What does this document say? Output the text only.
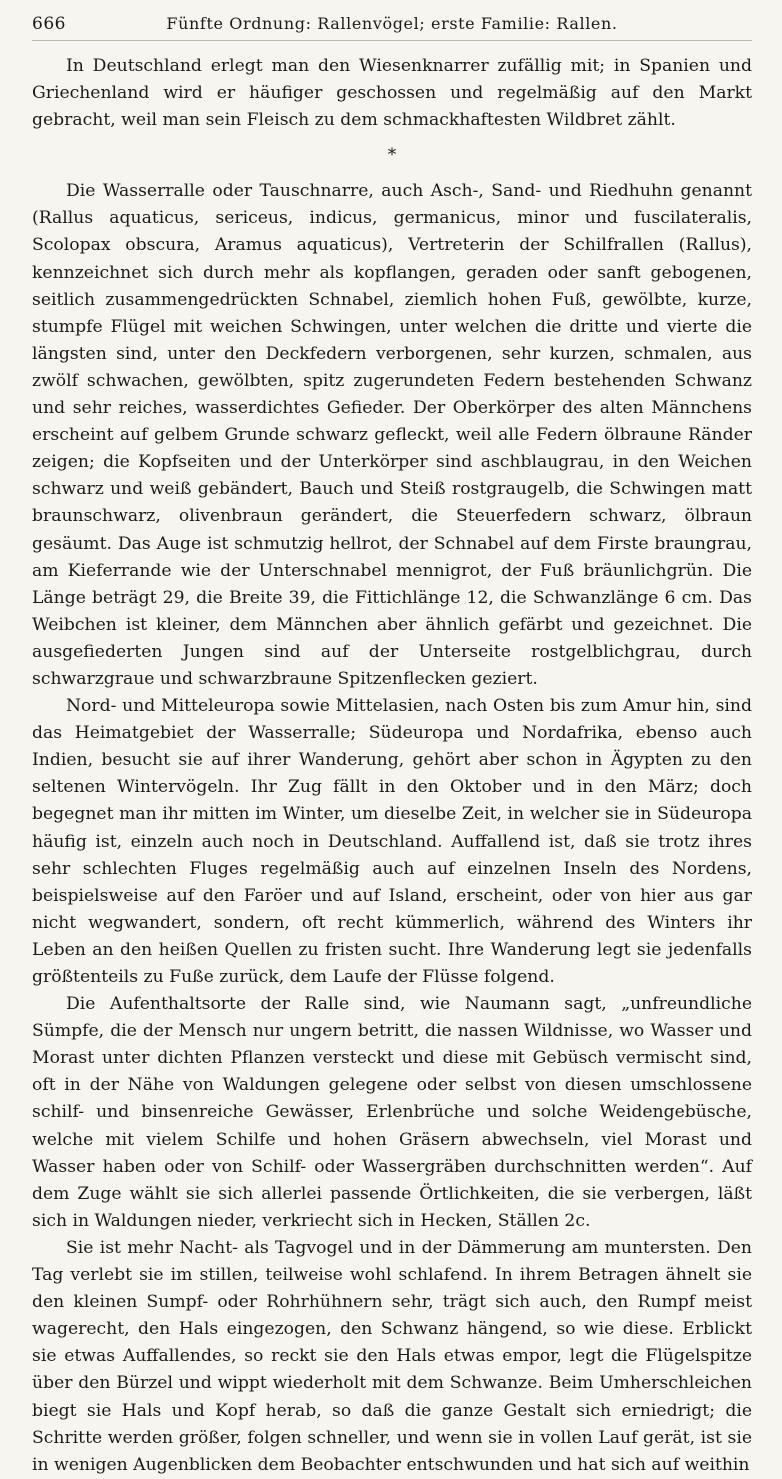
666	Fünfte Ordnung: Rallenvögel; erste Familie: Rallen.

In Deutschland erlegt man den Wiesenknarrer zufällig mit; in Spanien und Griechenland wird er häufiger geschossen und regelmäßig auf den Markt gebracht, weil man sein Fleisch zu dem schmackhaftesten Wildbret zählt.

*

Die Wasserralle oder Tauschnarre, auch Asch-, Sand- und Riedhuhn genannt (Rallus aquaticus, sericeus, indicus, germanicus, minor und fuscilateralis, Scolopax obscura, Aramus aquaticus), Vertreterin der Schilfrallen (Rallus), kennzeichnet sich durch mehr als kopflangen, geraden oder sanft gebogenen, seitlich zusammengedrückten Schnabel, ziemlich hohen Fuß, gewölbte, kurze, stumpfe Flügel mit weichen Schwingen, unter welchen die dritte und vierte die längsten sind, unter den Deckfedern verborgenen, sehr kurzen, schmalen, aus zwölf schwachen, gewölbten, spitz zugerundeten Federn bestehenden Schwanz und sehr reiches, wasserdichtes Gefieder. Der Oberkörper des alten Männchens erscheint auf gelbem Grunde schwarz gefleckt, weil alle Federn ölbraune Ränder zeigen; die Kopfseiten und der Unterkörper sind aschblaugrau, in den Weichen schwarz und weiß gebändert, Bauch und Steiß rostgraugelb, die Schwingen matt braunschwarz, olivenbraun gerändert, die Steuerfedern schwarz, ölbraun gesäumt. Das Auge ist schmutzig hellrot, der Schnabel auf dem Firste braungrau, am Kieferrande wie der Unterschnabel mennigrot, der Fuß bräunlichgrün. Die Länge beträgt 29, die Breite 39, die Fittichlänge 12, die Schwanzlänge 6 cm. Das Weibchen ist kleiner, dem Männchen aber ähnlich gefärbt und gezeichnet. Die ausgefiederten Jungen sind auf der Unterseite rostgelblichgrau, durch schwarzgraue und schwarzbraune Spitzenflecken geziert.

Nord- und Mitteleuropa sowie Mittelasien, nach Osten bis zum Amur hin, sind das Heimatgebiet der Wasserralle; Südeuropa und Nordafrika, ebenso auch Indien, besucht sie auf ihrer Wanderung, gehört aber schon in Ägypten zu den seltenen Wintervögeln. Ihr Zug fällt in den Oktober und in den März; doch begegnet man ihr mitten im Winter, um dieselbe Zeit, in welcher sie in Südeuropa häufig ist, einzeln auch noch in Deutschland. Auffallend ist, daß sie trotz ihres sehr schlechten Fluges regelmäßig auch auf einzelnen Inseln des Nordens, beispielsweise auf den Faröer und auf Island, erscheint, oder von hier aus gar nicht wegwandert, sondern, oft recht kümmerlich, während des Winters ihr Leben an den heißen Quellen zu fristen sucht. Ihre Wanderung legt sie jedenfalls größtenteils zu Fuße zurück, dem Laufe der Flüsse folgend.

Die Aufenthaltsorte der Ralle sind, wie Naumann sagt, „unfreundliche Sümpfe, die der Mensch nur ungern betritt, die nassen Wildnisse, wo Wasser und Morast unter dichten Pflanzen versteckt und diese mit Gebüsch vermischt sind, oft in der Nähe von Waldungen gelegene oder selbst von diesen umschlossene schilf- und binsenreiche Gewässer, Erlenbrüche und solche Weidengebüsche, welche mit vielem Schilfe und hohen Gräsern abwechseln, viel Morast und Wasser haben oder von Schilf- oder Wassergräben durchschnitten werden“. Auf dem Zuge wählt sie sich allerlei passende Örtlichkeiten, die sie verbergen, läßt sich in Waldungen nieder, verkriecht sich in Hecken, Ställen 2c.

Sie ist mehr Nacht- als Tagvogel und in der Dämmerung am muntersten. Den Tag verlebt sie im stillen, teilweise wohl schlafend. In ihrem Betragen ähnelt sie den kleinen Sumpf- oder Rohrhühnern sehr, trägt sich auch, den Rumpf meist wagerecht, den Hals eingezogen, den Schwanz hängend, so wie diese. Erblickt sie etwas Auffallendes, so reckt sie den Hals etwas empor, legt die Flügelspitze über den Bürzel und wippt wiederholt mit dem Schwanze. Beim Umherschleichen biegt sie Hals und Kopf herab, so daß die ganze Gestalt sich erniedrigt; die Schritte werden größer, folgen schneller, und wenn sie in vollen Lauf gerät, ist sie in wenigen Augenblicken dem Beobachter entschwunden und hat sich auf weithin
